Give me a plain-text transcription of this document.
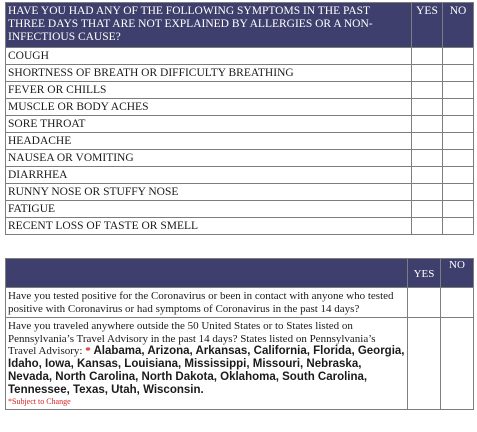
HAVE YOU HAD ANY OF THE FOLLOWING SYMPTOMS IN THE PAST THREE DAYS THAT ARE NOT EXPLAINED BY ALLERGIES OR A NON-INFECTIOUS CAUSE?	YES	NO
COUGH		
SHORTNESS OF BREATH OR DIFFICULTY BREATHING		
FEVER OR CHILLS		
MUSCLE OR BODY ACHES		
SORE THROAT		
HEADACHE		
NAUSEA OR VOMITING		
DIARRHEA		
RUNNY NOSE OR STUFFY NOSE		
FATIGUE		
RECENT LOSS OF TASTE OR SMELL		
	YES	NO
Have you tested positive for the Coronavirus or been in contact with anyone who tested positive with Coronavirus or had symptoms of Coronavirus in the past 14 days?		
Have you traveled anywhere outside the 50 United States or to States listed on Pennsylvania’s Travel Advisory in the past 14 days? States listed on Pennsylvania’s Travel Advisory: * Alabama, Arizona, Arkansas, California, Florida, Georgia, Idaho, Iowa, Kansas, Louisiana, Mississippi, Missouri, Nebraska, Nevada, North Carolina, North Dakota, Oklahoma, South Carolina, Tennessee, Texas, Utah, Wisconsin.
*Subject to Change		
